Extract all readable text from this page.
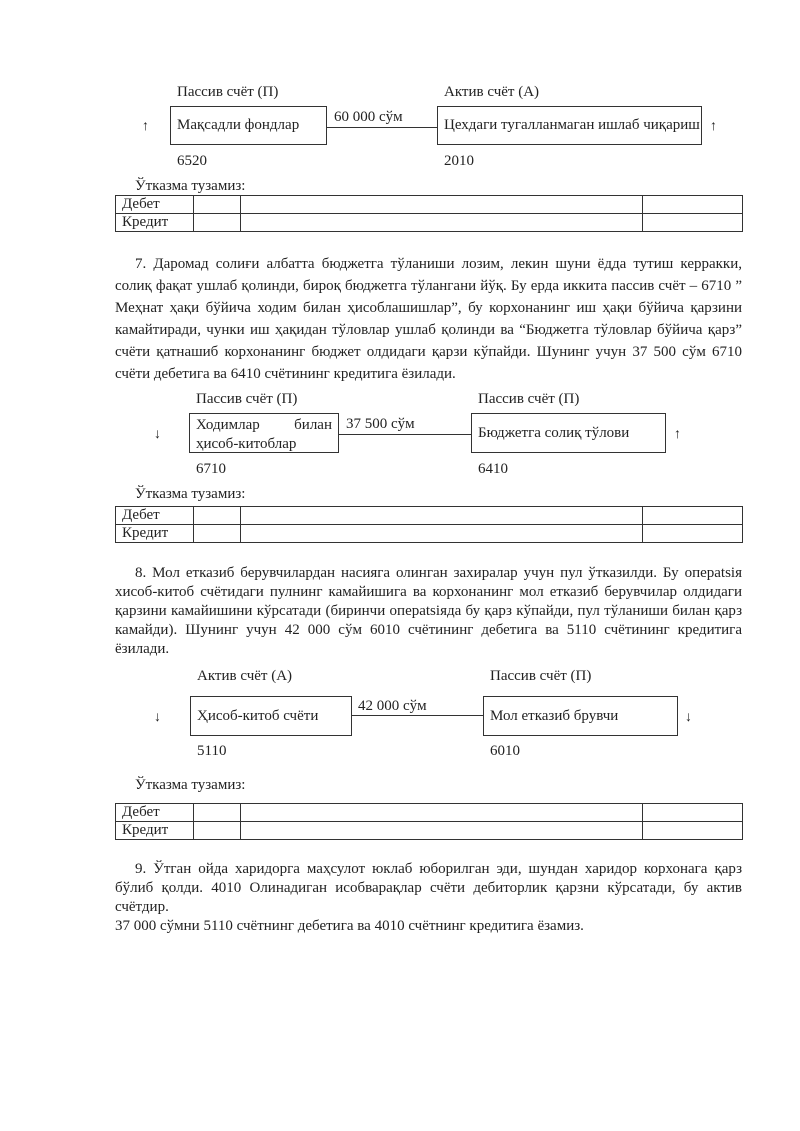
Пассив счёт (П)	Актив счёт (А)
↑ Мақсадли фондлар 60 000 сўм	Цехдаги тугалланмаган ишлаб чиқариш ↑
6520	2010
Ўтказма тузамиз:
Дебет			
Кредит			

7. Даромад солиғи албатта бюджетга тўланиши лозим, лекин шуни ёдда тутиш керракки, солиқ фақат ушлаб қолинди, бироқ бюджетга тўлангани йўқ. Бу ерда иккита пассив счёт – 6710 ” Меҳнат ҳақи бўйича ходим билан ҳисоблашишлар”, бу корхонанинг иш ҳақи бўйича қарзини камайтиради, чунки иш ҳақидан тўловлар ушлаб қолинди ва “Бюджетга тўловлар бўйича қарз” счёти қатнашиб корхонанинг бюджет олдидаги қарзи кўпайди. Шунинг учун 37 500 сўм 6710 счёти дебетига ва 6410 счётининг кредитига ёзилади.

Пассив счёт (П)	Пассив счёт (П)
↓
Ходимлар билан
ҳисоб-китоблар
37 500 сўм
Бюджетга солиқ тўлови	↑
6710	6410
Ўтказма тузамиз:
Дебет			
Кредит			

8. Мол етказиб берувчилардан насияга олинган захиралар учун пул ўтказилди. Бу операtsiя хисоб-китоб счётидаги пулнинг камайишига ва корхонанинг мол етказиб берувчилар олдидаги қарзини камайишини кўрсатади (биринчи операtsiяда бу қарз кўпайди, пул тўланиши билан қарз камайди). Шунинг учун 42 000 сўм 6010 счётининг дебетига ва 5110 счётининг кредитига ёзилади.

Актив счёт (А)	Пассив счёт (П)
↓ Ҳисоб-китоб счёти
42 000 сўм
Мол етказиб брувчи	↓
5110	6010
Ўтказма тузамиз:
Дебет			
Кредит			

9. Ўтган ойда харидорга маҳсулот юклаб юборилган эди, шундан харидор корхонага қарз бўлиб қолди. 4010 Олинадиган исобварақлар счёти дебиторлик қарзни кўрсатади, бу актив счётдир.

37 000 сўмни 5110 счётнинг дебетига ва 4010 счётнинг кредитига ёзамиз.
